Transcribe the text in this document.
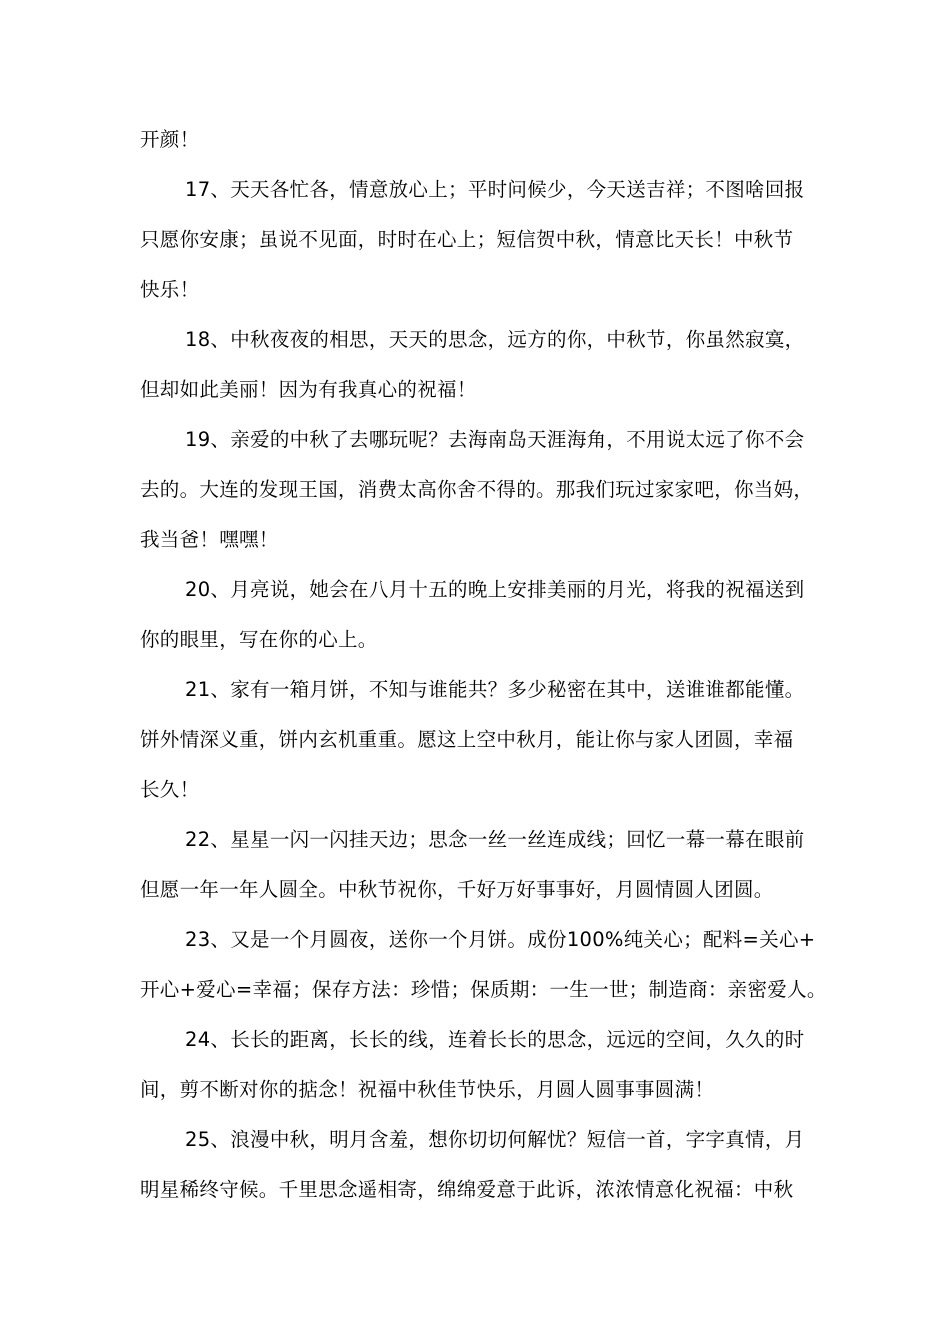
开颜！
17、天天各忙各，情意放心上；平时问候少，今天送吉祥；不图啥回报
只愿你安康；虽说不见面，时时在心上；短信贺中秋，情意比天长！中秋节
快乐！
18、中秋夜夜的相思，天天的思念，远方的你，中秋节，你虽然寂寞，
但却如此美丽！因为有我真心的祝福！
19、亲爱的中秋了去哪玩呢？去海南岛天涯海角，不用说太远了你不会
去的。大连的发现王国，消费太高你舍不得的。那我们玩过家家吧，你当妈，
我当爸！嘿嘿！
20、月亮说，她会在八月十五的晚上安排美丽的月光，将我的祝福送到
你的眼里，写在你的心上。
21、家有一箱月饼，不知与谁能共？多少秘密在其中，送谁谁都能懂。
饼外情深义重，饼内玄机重重。愿这上空中秋月，能让你与家人团圆，幸福
长久！
22、星星一闪一闪挂天边；思念一丝一丝连成线；回忆一幕一幕在眼前
但愿一年一年人圆全。中秋节祝你，千好万好事事好，月圆情圆人团圆。
23、又是一个月圆夜，送你一个月饼。成份100%纯关心；配料=关心+
开心+爱心=幸福；保存方法：珍惜；保质期：一生一世；制造商：亲密爱人。
24、长长的距离，长长的线，连着长长的思念，远远的空间，久久的时
间，剪不断对你的掂念！祝福中秋佳节快乐，月圆人圆事事圆满！
25、浪漫中秋，明月含羞，想你切切何解忧？短信一首，字字真情，月
明星稀终守候。千里思念遥相寄，绵绵爱意于此诉，浓浓情意化祝福：中秋
